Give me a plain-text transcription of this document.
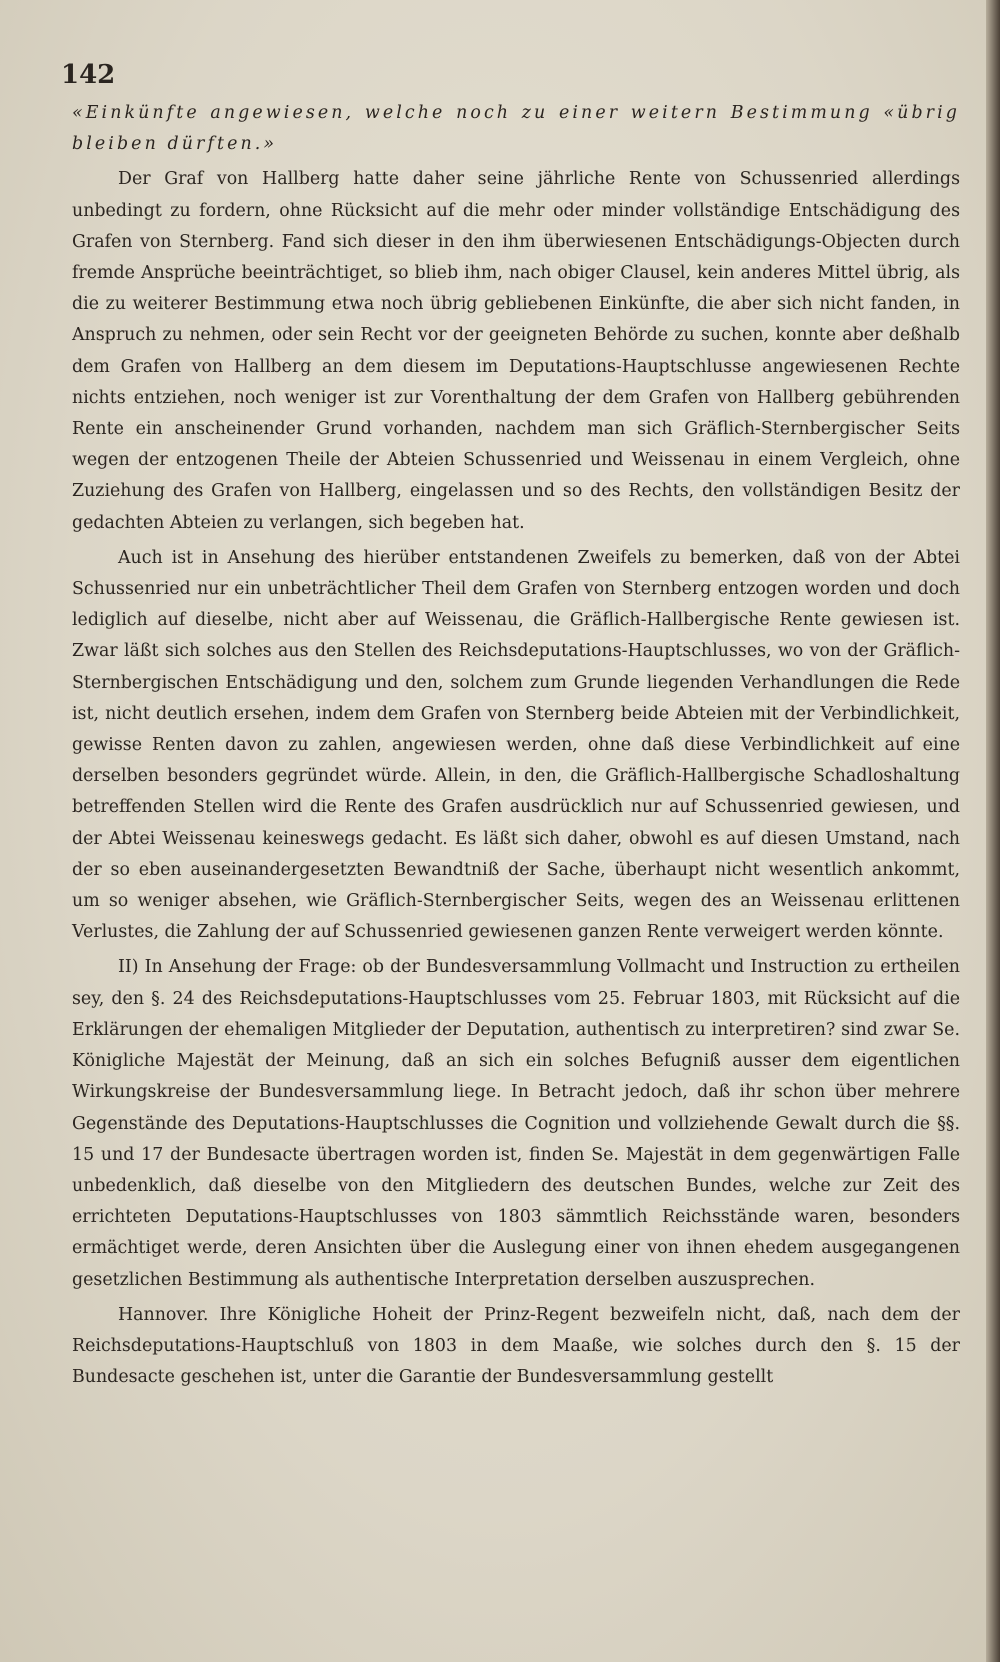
142

«Einkünfte angewiesen, welche noch zu einer weitern Bestimmung «übrig bleiben dürften.»

Der Graf von Hallberg hatte daher seine jährliche Rente von Schussenried allerdings unbedingt zu fordern, ohne Rücksicht auf die mehr oder minder vollständige Entschädigung des Grafen von Sternberg. Fand sich dieser in den ihm überwiesenen Entschädigungs-Objecten durch fremde Ansprüche beeinträchtiget, so blieb ihm, nach obiger Clausel, kein anderes Mittel übrig, als die zu weiterer Bestimmung etwa noch übrig gebliebenen Einkünfte, die aber sich nicht fanden, in Anspruch zu nehmen, oder sein Recht vor der geeigneten Behörde zu suchen, konnte aber deßhalb dem Grafen von Hallberg an dem diesem im Deputations-Hauptschlusse angewiesenen Rechte nichts entziehen, noch weniger ist zur Vorenthaltung der dem Grafen von Hallberg gebührenden Rente ein anscheinender Grund vorhanden, nachdem man sich Gräflich-Sternbergischer Seits wegen der entzogenen Theile der Abteien Schussenried und Weissenau in einem Vergleich, ohne Zuziehung des Grafen von Hallberg, eingelassen und so des Rechts, den vollständigen Besitz der gedachten Abteien zu verlangen, sich begeben hat.

Auch ist in Ansehung des hierüber entstandenen Zweifels zu bemerken, daß von der Abtei Schussenried nur ein unbeträchtlicher Theil dem Grafen von Sternberg entzogen worden und doch lediglich auf dieselbe, nicht aber auf Weissenau, die Gräflich-Hallbergische Rente gewiesen ist. Zwar läßt sich solches aus den Stellen des Reichsdeputations-Hauptschlusses, wo von der Gräflich-Sternbergischen Entschädigung und den, solchem zum Grunde liegenden Verhandlungen die Rede ist, nicht deutlich ersehen, indem dem Grafen von Sternberg beide Abteien mit der Verbindlichkeit, gewisse Renten davon zu zahlen, angewiesen werden, ohne daß diese Verbindlichkeit auf eine derselben besonders gegründet würde. Allein, in den, die Gräflich-Hallbergische Schadloshaltung betreffenden Stellen wird die Rente des Grafen ausdrücklich nur auf Schussenried gewiesen, und der Abtei Weissenau keineswegs gedacht. Es läßt sich daher, obwohl es auf diesen Umstand, nach der so eben auseinandergesetzten Bewandtniß der Sache, überhaupt nicht wesentlich ankommt, um so weniger absehen, wie Gräflich-Sternbergischer Seits, wegen des an Weissenau erlittenen Verlustes, die Zahlung der auf Schussenried gewiesenen ganzen Rente verweigert werden könnte.

II) In Ansehung der Frage: ob der Bundesversammlung Vollmacht und Instruction zu ertheilen sey, den §. 24 des Reichsdeputations-Hauptschlusses vom 25. Februar 1803, mit Rücksicht auf die Erklärungen der ehemaligen Mitglieder der Deputation, authentisch zu interpretiren? sind zwar Se. Königliche Majestät der Meinung, daß an sich ein solches Befugniß ausser dem eigentlichen Wirkungskreise der Bundesversammlung liege. In Betracht jedoch, daß ihr schon über mehrere Gegenstände des Deputations-Hauptschlusses die Cognition und vollziehende Gewalt durch die §§. 15 und 17 der Bundesacte übertragen worden ist, finden Se. Majestät in dem gegenwärtigen Falle unbedenklich, daß dieselbe von den Mitgliedern des deutschen Bundes, welche zur Zeit des errichteten Deputations-Hauptschlusses von 1803 sämmtlich Reichsstände waren, besonders ermächtiget werde, deren Ansichten über die Auslegung einer von ihnen ehedem ausgegangenen gesetzlichen Bestimmung als authentische Interpretation derselben auszusprechen.

Hannover. Ihre Königliche Hoheit der Prinz-Regent bezweifeln nicht, daß, nach dem der Reichsdeputations-Hauptschluß von 1803 in dem Maaße, wie solches durch den §. 15 der Bundesacte geschehen ist, unter die Garantie der Bundesversammlung gestellt
